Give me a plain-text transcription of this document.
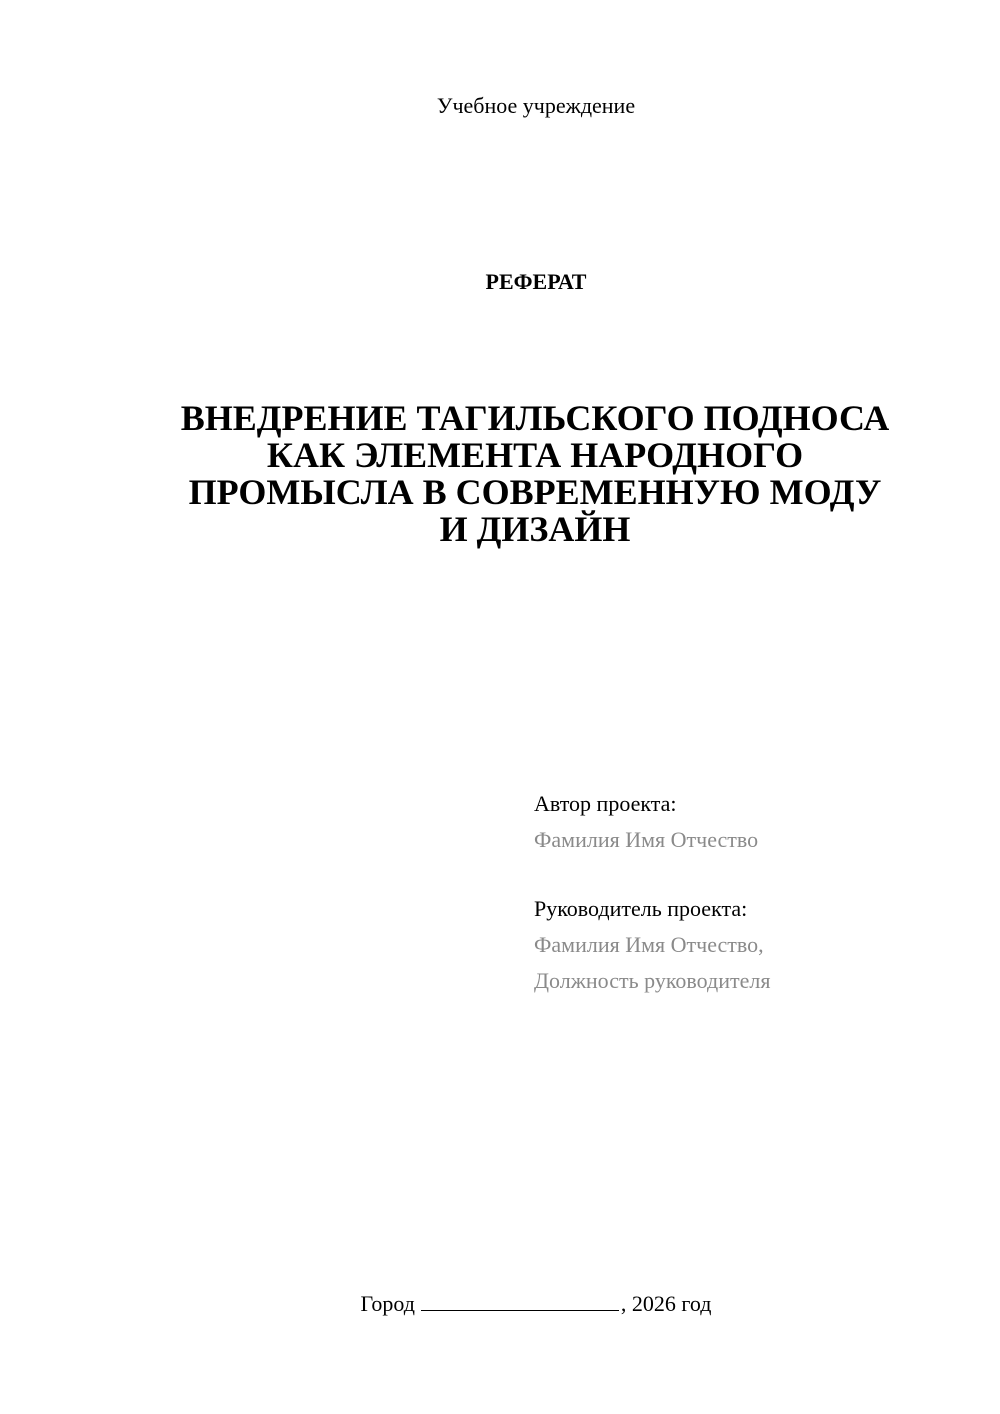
Учебное учреждение
РЕФЕРАТ
ВНЕДРЕНИЕ ТАГИЛЬСКОГО ПОДНОСА
КАК ЭЛЕМЕНТА НАРОДНОГО
ПРОМЫСЛА В СОВРЕМЕННУЮ МОДУ
И ДИЗАЙН
Автор проекта:
Фамилия Имя Отчество
Руководитель проекта:
Фамилия Имя Отчество,
Должность руководителя
Город	, 2026 год
